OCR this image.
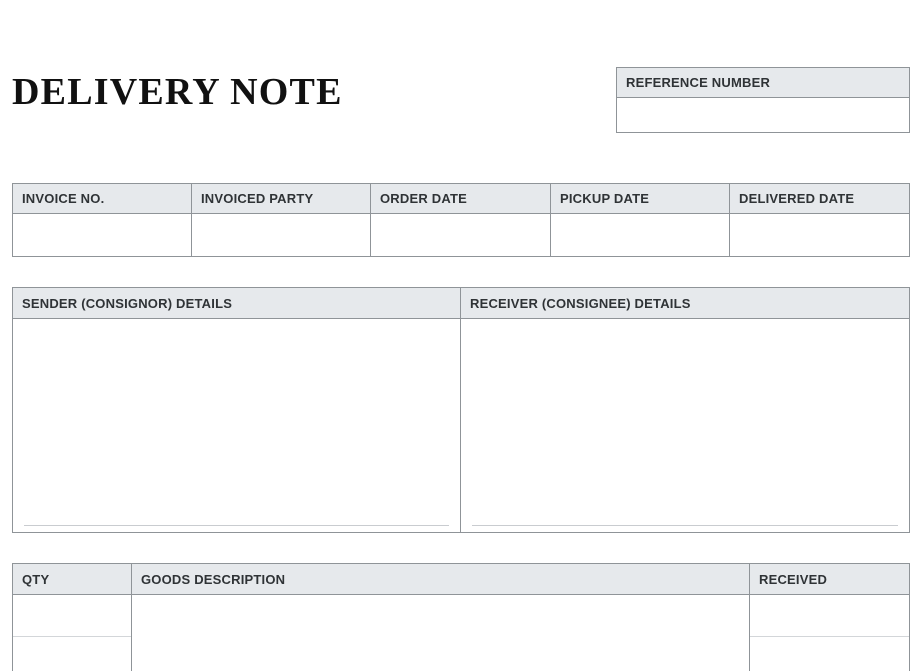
DELIVERY NOTE	REFERENCE NUMBER
INVOICE NO.	INVOICED PARTY	ORDER DATE	PICKUP DATE	DELIVERED DATE
SENDER (CONSIGNOR) DETAILS	RECEIVER (CONSIGNEE) DETAILS
QTY	GOODS DESCRIPTION	RECEIVED
